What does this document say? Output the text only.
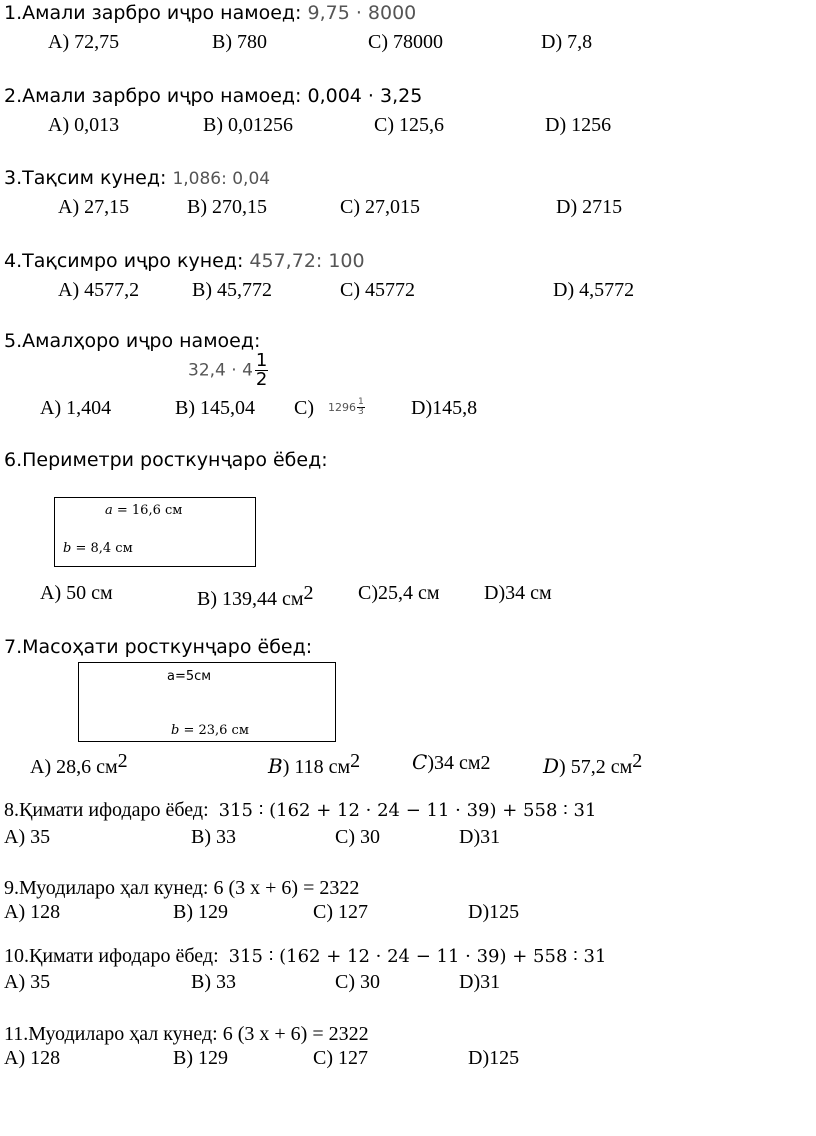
1.Амали зарбро иҷро намоед: 9,75 · 8000
A) 72,75	B) 780	C) 78000	D) 7,8
2.Амали зарбро иҷро намоед: 0,004 · 3,25
A) 0,013	B) 0,01256	C) 125,6	D) 1256
3.Тақсим кунед: 1,086: 0,04
A) 27,15	B) 270,15	C) 27,015	D) 2715
4.Тақсимро иҷро кунед: 457,72: 100
A) 4577,2	B) 45,772	C) 45772	D) 4,5772
5.Амалҳоро иҷро намоед:
$32,4 \cdot 4 \frac{1}{2}$
A) 1,404	B) 145,04 C) $1296 \frac{1}{3} D)145,8$
6.Периметри росткунҷаро ёбед:
𝑎 = 16,6 см
𝑏 = 8,4 см
A) 50 см	B) 139,44 $см^2$ C)25,4 см D)34 см
7.Масоҳати росткунҷаро ёбед:
a=5см
𝑏 = 23,6 см
A) 28,6 $см^2$	𝐵) 118 $см^2$	𝐶)34 см2	𝐷) 57,2 $см^2$
8.Қимати ифодаро ёбед: 315 ∶ (162 + 12 · 24 − 11 · 39) + 558 ∶ 31
A) 35	B) 33	C) 30	D)31
9.Муодиларо ҳал кунед: 6 (3 x + 6) = 2322
A) 128	B) 129	C) 127	D)125
10.Қимати ифодаро ёбед: 315 ∶ (162 + 12 · 24 − 11 · 39) + 558 ∶ 31
A) 35	B) 33	C) 30	D)31
11.Муодиларо ҳал кунед: 6 (3 x + 6) = 2322
A) 128	B) 129	C) 127	D)125
